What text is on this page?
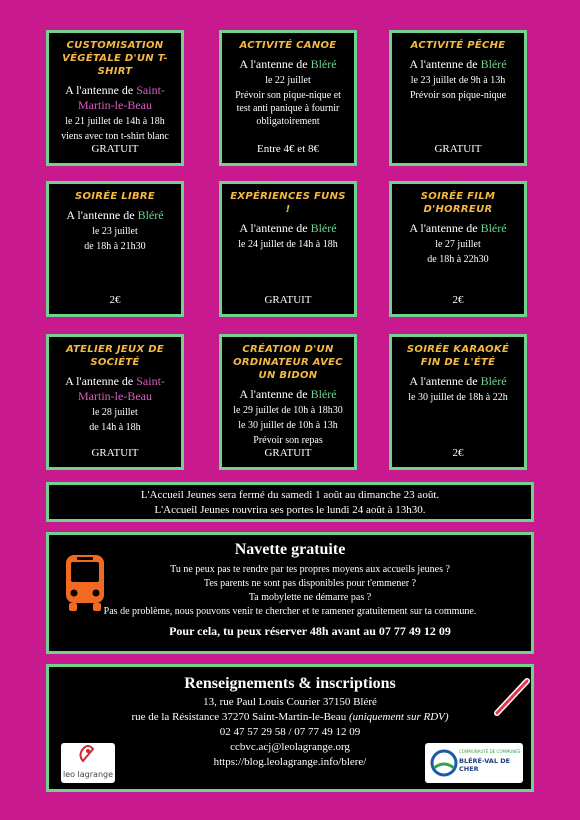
CUSTOMISATION VÉGÉTALE D'UN T-SHIRT
A l'antenne de Saint-Martin-le-Beau
le 21 juillet de 14h à 18h
viens avec ton t-shirt blanc
GRATUIT
ACTIVITÉ CANOE
A l'antenne de Bléré
le 22 juillet
Prévoir son pique-nique et test anti panique à fournir obligatoirement
Entre 4€ et 8€
ACTIVITÉ PÊCHE
A l'antenne de Bléré
le 23 juillet de 9h à 13h
Prévoir son pique-nique
GRATUIT
SOIRÉE LIBRE
A l'antenne de Bléré
le 23 juillet
de 18h à 21h30
2€
EXPÉRIENCES FUNS !
A l'antenne de Bléré
le 24 juillet de 14h à 18h
GRATUIT
SOIRÉE FILM D'HORREUR
A l'antenne de Bléré
le 27 juillet
de 18h à 22h30
2€
ATELIER JEUX DE SOCIÉTÉ
A l'antenne de Saint-Martin-le-Beau
le 28 juillet
de 14h à 18h
GRATUIT
CRÉATION D'UN ORDINATEUR AVEC UN BIDON
A l'antenne de Bléré
le 29 juillet de 10h à 18h30
le 30 juillet de 10h à 13h
Prévoir son repas
GRATUIT
SOIRÉE KARAOKÉ FIN DE L'ÉTÉ
A l'antenne de Bléré
le 30 juillet de 18h à 22h
2€
L'Accueil Jeunes sera fermé du samedi 1 août au dimanche 23 août.
L'Accueil Jeunes rouvrira ses portes le lundi 24 août à 13h30.
Navette gratuite
Tu ne peux pas te rendre par tes propres moyens aux accueils jeunes ?
Tes parents ne sont pas disponibles pour t'emmener ?
Ta mobylette ne démarre pas ?
Pas de problème, nous pouvons venir te chercher et te ramener gratuitement sur ta commune.
Pour cela, tu peux réserver 48h avant au 07 77 49 12 09
Renseignements & inscriptions
13, rue Paul Louis Courier 37150 Bléré
rue de la Résistance 37270 Saint-Martin-le-Beau (uniquement sur RDV)
02 47 57 29 58 / 07 77 49 12 09
ccbvc.acj@leolagrange.org
https://blog.leolagrange.info/blere/
leo lagrange
COMMUNAUTÉ DE COMMUNES
BLÉRÉ-VAL DE CHER
